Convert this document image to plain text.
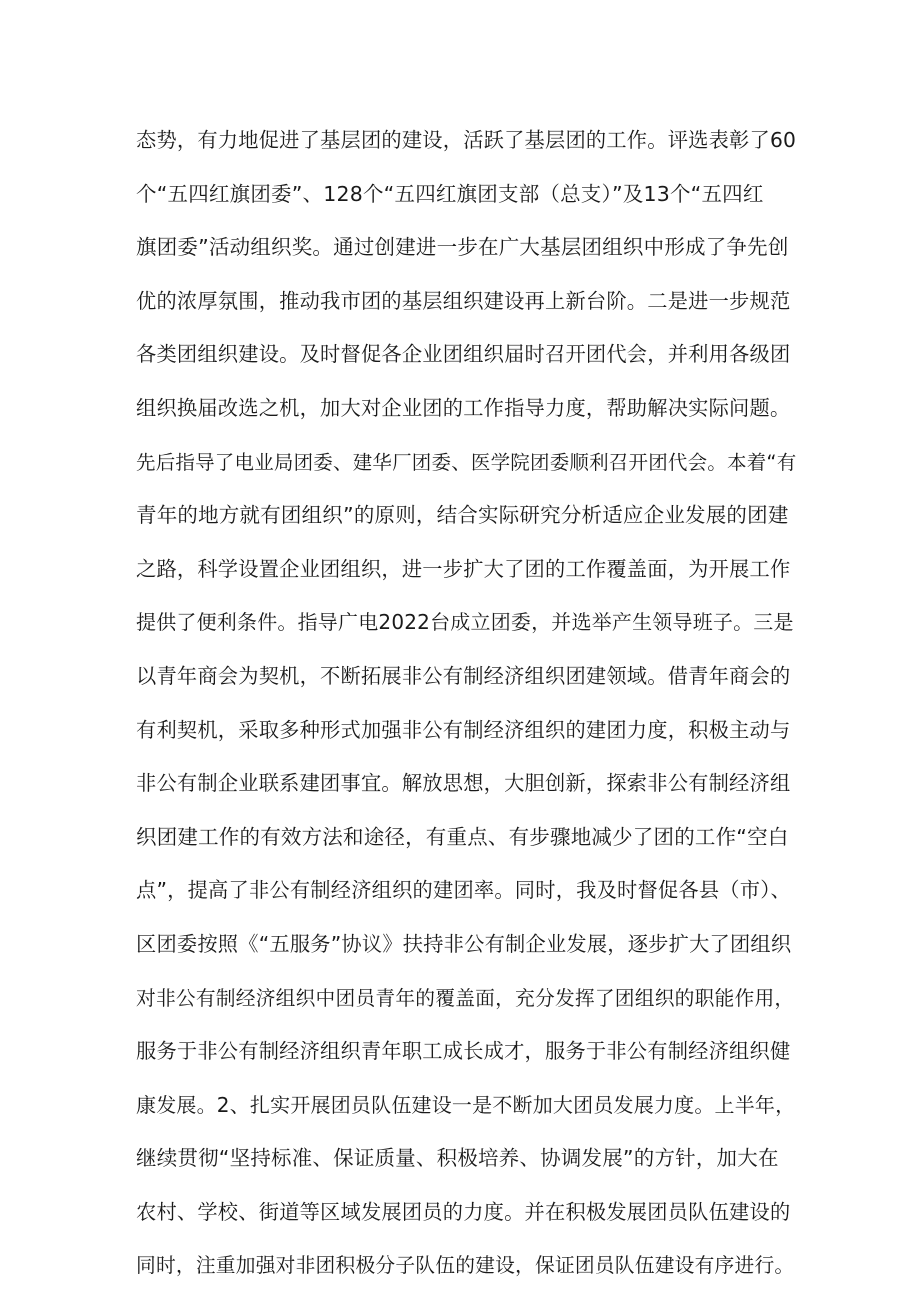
态势，有力地促进了基层团的建设，活跃了基层团的工作。评选表彰了60
个“五四红旗团委”、128个“五四红旗团支部（总支）”及13个“五四红
旗团委”活动组织奖。通过创建进一步在广大基层团组织中形成了争先创
优的浓厚氛围，推动我市团的基层组织建设再上新台阶。二是进一步规范
各类团组织建设。及时督促各企业团组织届时召开团代会，并利用各级团
组织换届改选之机，加大对企业团的工作指导力度，帮助解决实际问题。
先后指导了电业局团委、建华厂团委、医学院团委顺利召开团代会。本着“有
青年的地方就有团组织”的原则，结合实际研究分析适应企业发展的团建
之路，科学设置企业团组织，进一步扩大了团的工作覆盖面，为开展工作
提供了便利条件。指导广电2022台成立团委，并选举产生领导班子。三是
以青年商会为契机，不断拓展非公有制经济组织团建领域。借青年商会的
有利契机，采取多种形式加强非公有制经济组织的建团力度，积极主动与
非公有制企业联系建团事宜。解放思想，大胆创新，探索非公有制经济组
织团建工作的有效方法和途径，有重点、有步骤地减少了团的工作“空白
点”，提高了非公有制经济组织的建团率。同时，我及时督促各县（市）、
区团委按照《“五服务”协议》扶持非公有制企业发展，逐步扩大了团组织
对非公有制经济组织中团员青年的覆盖面，充分发挥了团组织的职能作用，
服务于非公有制经济组织青年职工成长成才，服务于非公有制经济组织健
康发展。2、扎实开展团员队伍建设一是不断加大团员发展力度。上半年，
继续贯彻“坚持标准、保证质量、积极培养、协调发展”的方针，加大在
农村、学校、街道等区域发展团员的力度。并在积极发展团员队伍建设的
同时，注重加强对非团积极分子队伍的建设，保证团员队伍建设有序进行。
